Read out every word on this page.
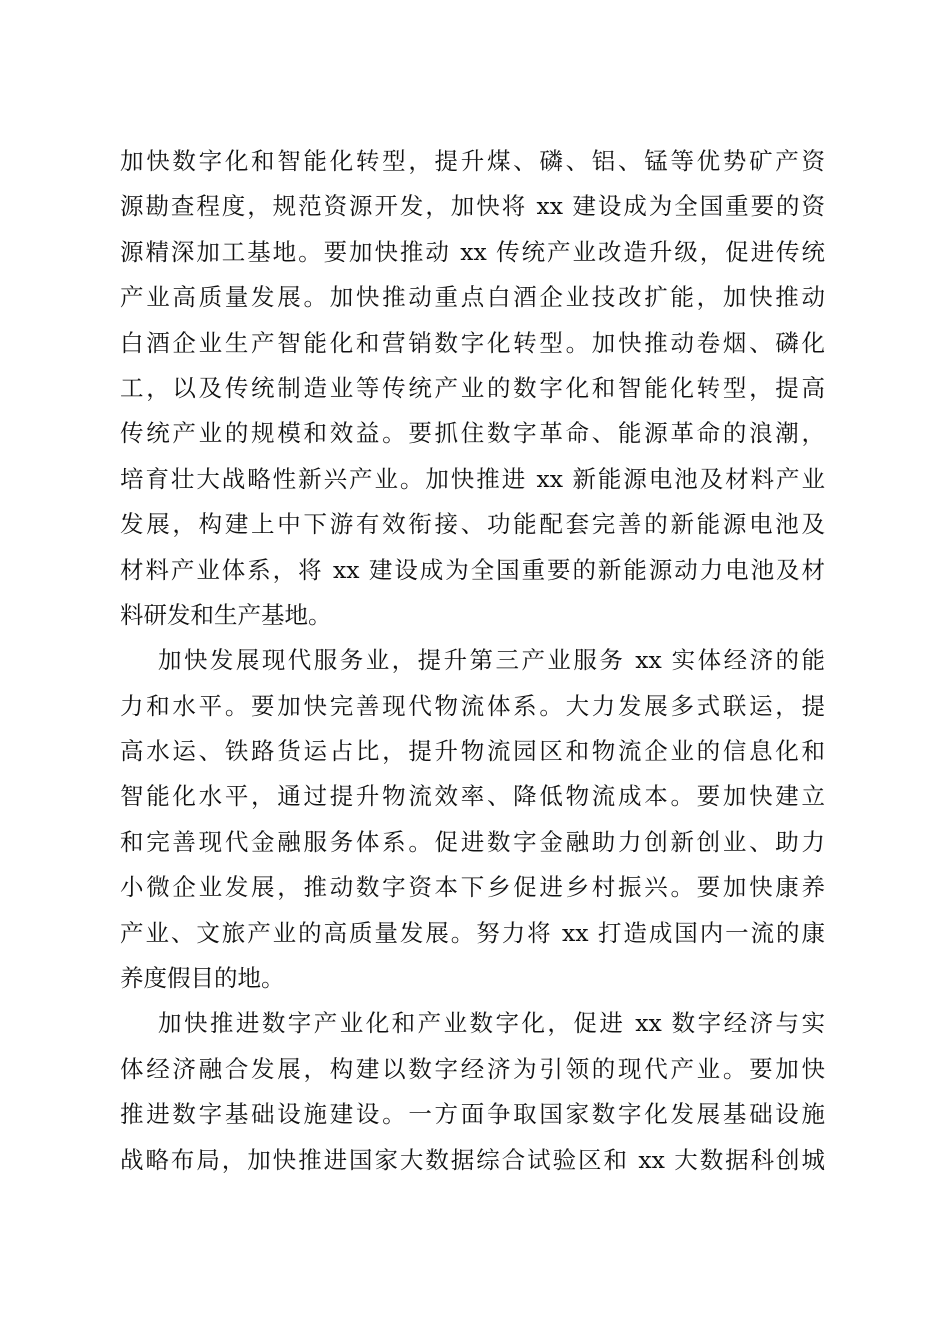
加快数字化和智能化转型，提升煤、磷、铝、锰等优势矿产资
源勘查程度，规范资源开发，加快将 xx 建设成为全国重要的资
源精深加工基地。要加快推动 xx 传统产业改造升级，促进传统
产业高质量发展。加快推动重点白酒企业技改扩能，加快推动
白酒企业生产智能化和营销数字化转型。加快推动卷烟、磷化
工，以及传统制造业等传统产业的数字化和智能化转型，提高
传统产业的规模和效益。要抓住数字革命、能源革命的浪潮，
培育壮大战略性新兴产业。加快推进 xx 新能源电池及材料产业
发展，构建上中下游有效衔接、功能配套完善的新能源电池及
材料产业体系，将 xx 建设成为全国重要的新能源动力电池及材
料研发和生产基地。
加快发展现代服务业，提升第三产业服务 xx 实体经济的能
力和水平。要加快完善现代物流体系。大力发展多式联运，提
高水运、铁路货运占比，提升物流园区和物流企业的信息化和
智能化水平，通过提升物流效率、降低物流成本。要加快建立
和完善现代金融服务体系。促进数字金融助力创新创业、助力
小微企业发展，推动数字资本下乡促进乡村振兴。要加快康养
产业、文旅产业的高质量发展。努力将 xx 打造成国内一流的康
养度假目的地。
加快推进数字产业化和产业数字化，促进 xx 数字经济与实
体经济融合发展，构建以数字经济为引领的现代产业。要加快
推进数字基础设施建设。一方面争取国家数字化发展基础设施
战略布局，加快推进国家大数据综合试验区和 xx 大数据科创城
